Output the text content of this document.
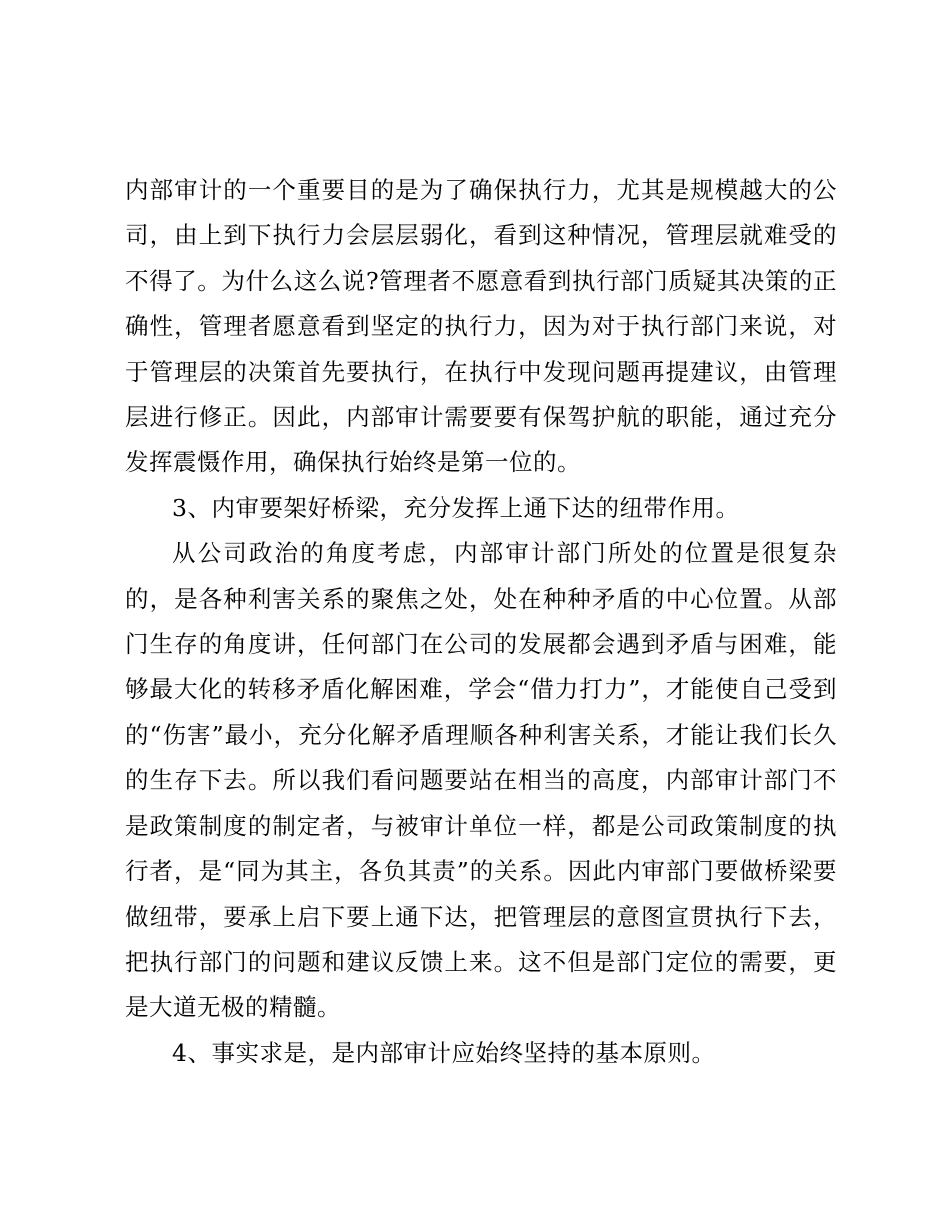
内部审计的一个重要目的是为了确保执行力，尤其是规模越大的公司，由上到下执行力会层层弱化，看到这种情况，管理层就难受的不得了。为什么这么说?管理者不愿意看到执行部门质疑其决策的正确性，管理者愿意看到坚定的执行力，因为对于执行部门来说，对于管理层的决策首先要执行，在执行中发现问题再提建议，由管理层进行修正。因此，内部审计需要要有保驾护航的职能，通过充分发挥震慑作用，确保执行始终是第一位的。

3、内审要架好桥梁，充分发挥上通下达的纽带作用。

从公司政治的角度考虑，内部审计部门所处的位置是很复杂的，是各种利害关系的聚焦之处，处在种种矛盾的中心位置。从部门生存的角度讲，任何部门在公司的发展都会遇到矛盾与困难，能够最大化的转移矛盾化解困难，学会“借力打力”，才能使自己受到的“伤害”最小，充分化解矛盾理顺各种利害关系，才能让我们长久的生存下去。所以我们看问题要站在相当的高度，内部审计部门不是政策制度的制定者，与被审计单位一样，都是公司政策制度的执行者，是“同为其主，各负其责”的关系。因此内审部门要做桥梁要做纽带，要承上启下要上通下达，把管理层的意图宣贯执行下去，把执行部门的问题和建议反馈上来。这不但是部门定位的需要，更是大道无极的精髓。

4、事实求是，是内部审计应始终坚持的基本原则。
